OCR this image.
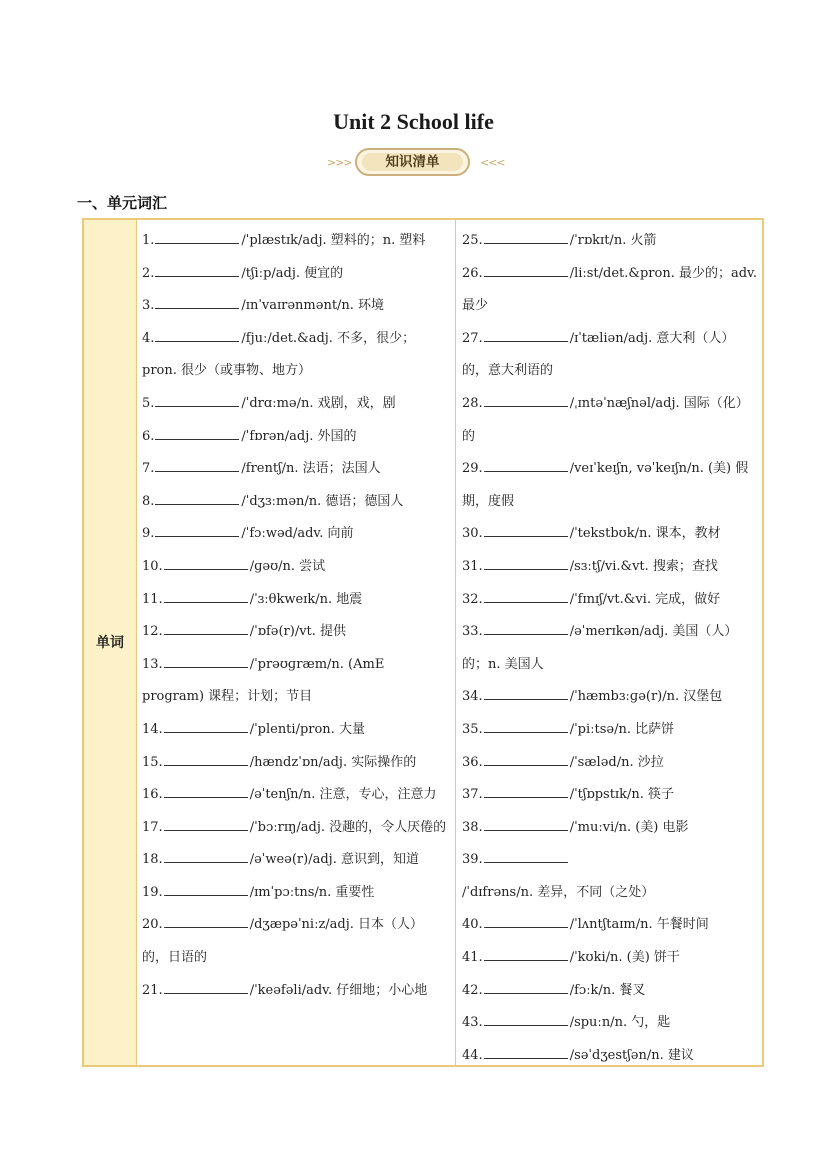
Unit 2 School life
>>>	知识清单	<<<
一、单元词汇
单词
1.	/ˈplæstɪk/adj. 塑料的；n. 塑料
2.	/tʃiːp/adj. 便宜的
3.	/ɪnˈvaɪrənmənt/n. 环境
4.	/fjuː/det.&adj. 不多，很少；pron. 很少（或事物、地方）
5.	/ˈdrɑːmə/n. 戏剧，戏，剧
6.	/ˈfɒrən/adj. 外国的
7.	/frentʃ/n. 法语；法国人
8.	/ˈdʒɜːmən/n. 德语；德国人
9.	/ˈfɔːwəd/adv. 向前
10.	/ɡəʊ/n. 尝试
11.	/ˈɜːθkweɪk/n. 地震
12.	/ˈɒfə(r)/vt. 提供
13.	/ˈprəʊɡræm/n. (AmE program) 课程；计划；节目
14.	/ˈplenti/pron. 大量
15.	/hændzˈɒn/adj. 实际操作的
16.	/əˈtenʃn/n. 注意，专心，注意力
17.	/ˈbɔːrɪŋ/adj. 没趣的，令人厌倦的
18.	/əˈweə(r)/adj. 意识到，知道
19.	/ɪmˈpɔːtns/n. 重要性
20.	/dʒæpəˈniːz/adj. 日本（人）的，日语的
21.	/ˈkeəfəli/adv. 仔细地；小心地
25.	/ˈrɒkɪt/n. 火箭
26.	/liːst/det.&pron. 最少的；adv. 最少
27.	/ɪˈtæliən/adj. 意大利（人）的，意大利语的
28.	/ˌɪntəˈnæʃnəl/adj. 国际（化）的
29.	/veɪˈkeɪʃn, vəˈkeɪʃn/n. (美) 假期，度假
30.	/ˈtekstbʊk/n. 课本，教材
31.	/sɜːtʃ/vi.&vt. 搜索；查找
32.	/ˈfɪnɪʃ/vt.&vi. 完成，做好
33.	/əˈmerɪkən/adj. 美国（人）的；n. 美国人
34.	/ˈhæmbɜːɡə(r)/n. 汉堡包
35.	/ˈpiːtsə/n. 比萨饼
36.	/ˈsæləd/n. 沙拉
37.	/ˈtʃɒpstɪk/n. 筷子
38.	/ˈmuːvi/n. (美) 电影
39./ˈdɪfrəns/n. 差异，不同（之处）
40.	/ˈlʌntʃtaɪm/n. 午餐时间
41.	/ˈkʊki/n. (美) 饼干
42.	/fɔːk/n. 餐叉
43.	/spuːn/n. 勺，匙
44.	/səˈdʒestʃən/n. 建议
